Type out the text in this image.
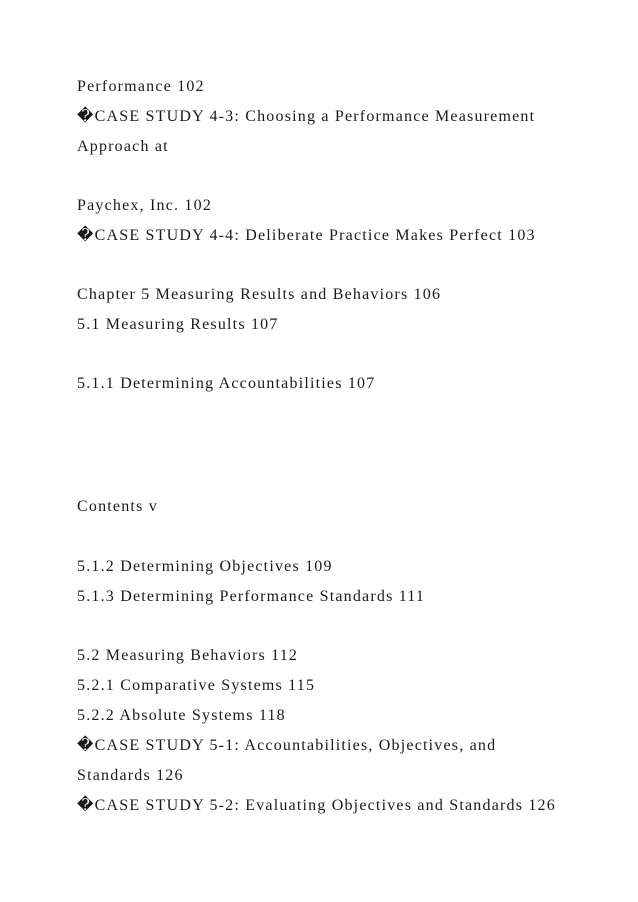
Performance 102

�CASE STUDY 4-3: Choosing a Performance Measurement

Approach at

Paychex, Inc. 102

�CASE STUDY 4-4: Deliberate Practice Makes Perfect 103

Chapter 5 Measuring Results and Behaviors 106

5.1 Measuring Results 107

5.1.1 Determining Accountabilities 107

Contents v

5.1.2 Determining Objectives 109

5.1.3 Determining Performance Standards 111

5.2 Measuring Behaviors 112

5.2.1 Comparative Systems 115

5.2.2 Absolute Systems 118

�CASE STUDY 5-1: Accountabilities, Objectives, and

Standards 126

�CASE STUDY 5-2: Evaluating Objectives and Standards 126
